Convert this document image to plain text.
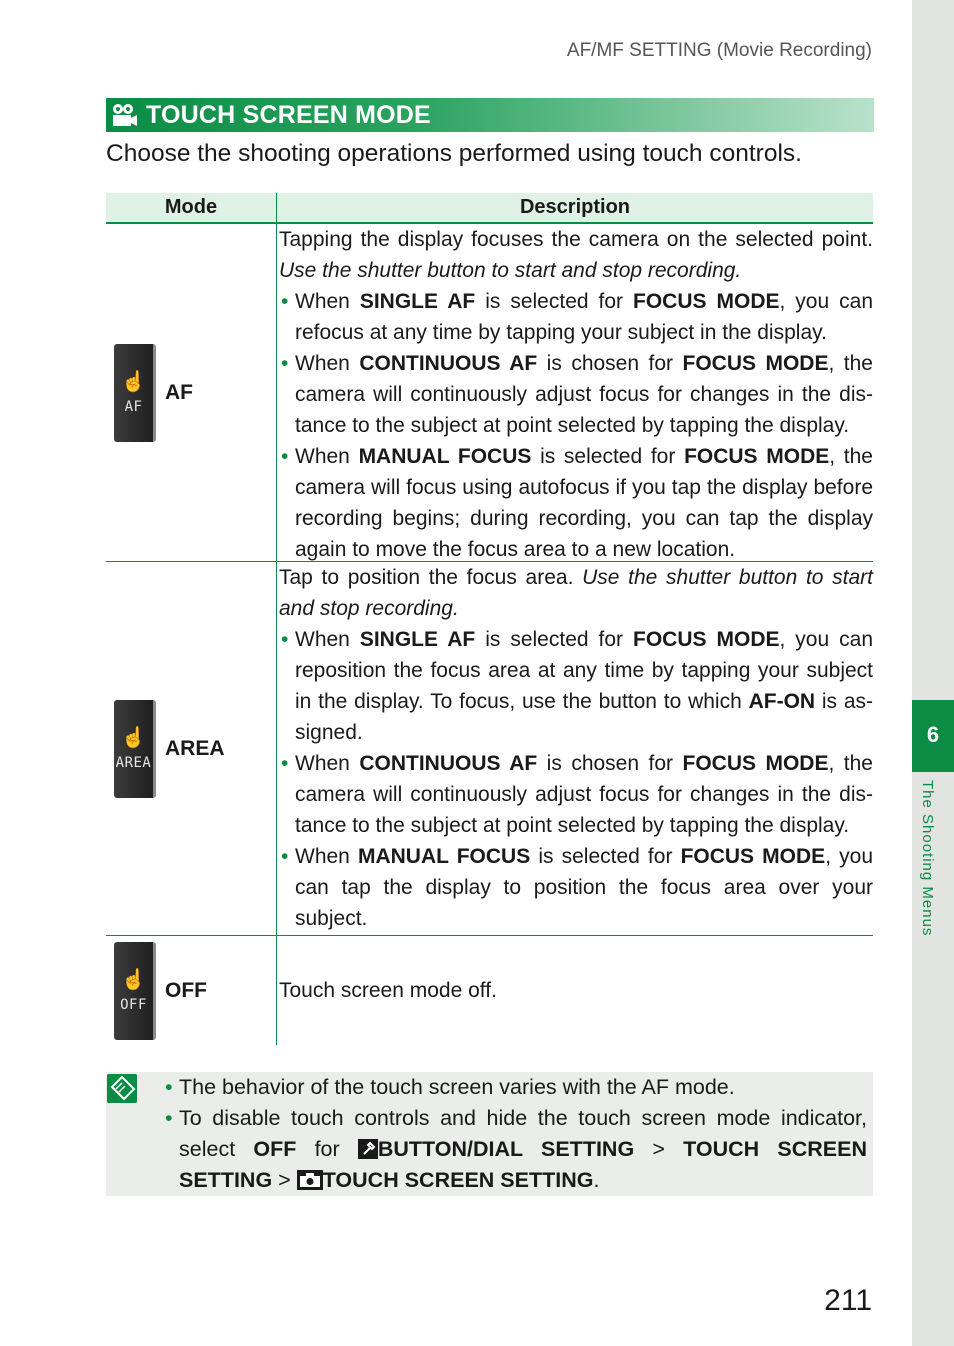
AF/MF SETTING (Movie Recording)
6
The Shooting Menus
TOUCH SCREEN MODE
Choose the shooting operations performed using touch controls.
Mode	Description
☝
AF
AF
Tapping the display focuses the camera on the selected point. Use the shutter button to start and stop recording.
• When SINGLE AF is selected for FOCUS MODE, you can refocus at any time by tapping your subject in the display.
• When CONTINUOUS AF is chosen for FOCUS MODE, the camera will continuously adjust focus for changes in the distance to the subject at point selected by tapping the display.
• When MANUAL FOCUS is selected for FOCUS MODE, the camera will focus using autofocus if you tap the display before recording begins; during recording, you can tap the display again to move the focus area to a new location.
☝
AREA
AREA
Tap to position the focus area. Use the shutter button to start and stop recording.
• When SINGLE AF is selected for FOCUS MODE, you can reposition the focus area at any time by tapping your subject in the display. To focus, use the button to which AF-ON is assigned.
• When CONTINUOUS AF is chosen for FOCUS MODE, the camera will continuously adjust focus for changes in the distance to the subject at point selected by tapping the display.
• When MANUAL FOCUS is selected for FOCUS MODE, you can tap the display to position the focus area over your subject.
☝
OFF
OFF	Touch screen mode off.
• The behavior of the touch screen varies with the AF mode.
• To disable touch controls and hide the touch screen mode indicator, select OFF for BUTTON/DIAL SETTING > TOUCH SCREEN SETTING > TOUCH SCREEN SETTING.
211
